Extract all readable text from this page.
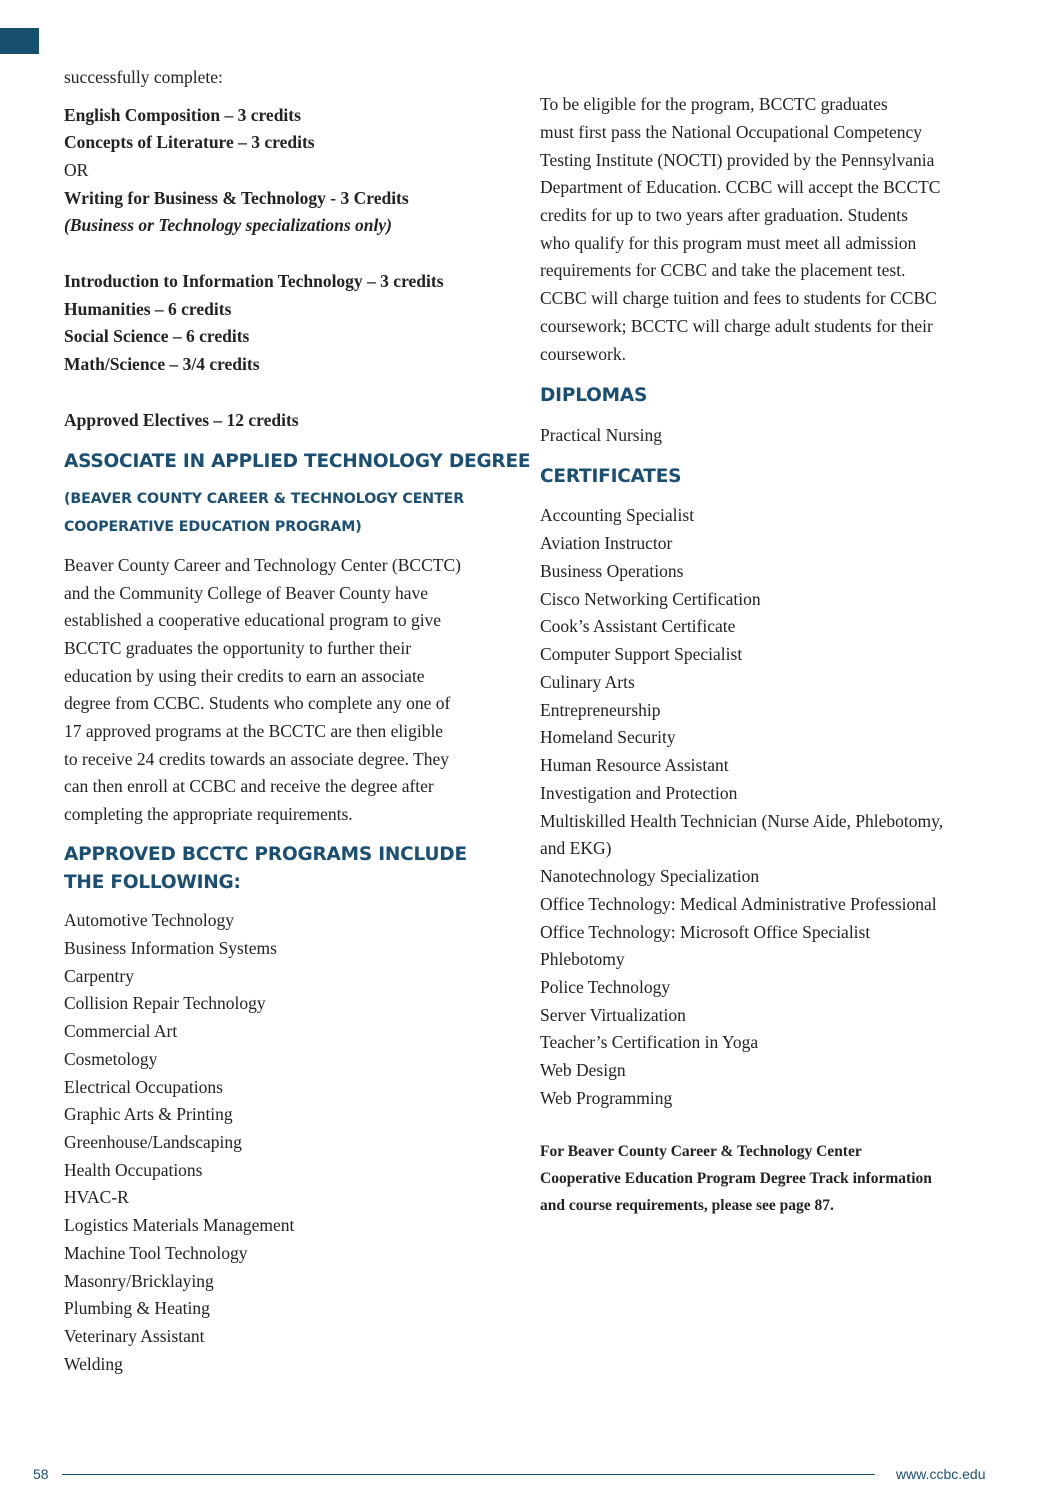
successfully complete:
English Composition – 3 credits
Concepts of Literature – 3 credits
OR
Writing for Business & Technology - 3 Credits
(Business or Technology specializations only)
Introduction to Information Technology – 3 credits
Humanities – 6 credits
Social Science – 6 credits
Math/Science – 3/4 credits
Approved Electives – 12 credits
ASSOCIATE IN APPLIED TECHNOLOGY DEGREE
(BEAVER COUNTY CAREER & TECHNOLOGY CENTER
COOPERATIVE EDUCATION PROGRAM)
Beaver County Career and Technology Center (BCCTC)
and the Community College of Beaver County have
established a cooperative educational program to give
BCCTC graduates the opportunity to further their
education by using their credits to earn an associate
degree from CCBC. Students who complete any one of
17 approved programs at the BCCTC are then eligible
to receive 24 credits towards an associate degree. They
can then enroll at CCBC and receive the degree after
completing the appropriate requirements.
APPROVED BCCTC PROGRAMS INCLUDE
THE FOLLOWING:
Automotive Technology
Business Information Systems
Carpentry
Collision Repair Technology
Commercial Art
Cosmetology
Electrical Occupations
Graphic Arts & Printing
Greenhouse/Landscaping
Health Occupations
HVAC-R
Logistics Materials Management
Machine Tool Technology
Masonry/Bricklaying
Plumbing & Heating
Veterinary Assistant
Welding
To be eligible for the program, BCCTC graduates
must first pass the National Occupational Competency
Testing Institute (NOCTI) provided by the Pennsylvania
Department of Education. CCBC will accept the BCCTC
credits for up to two years after graduation. Students
who qualify for this program must meet all admission
requirements for CCBC and take the placement test.
CCBC will charge tuition and fees to students for CCBC
coursework; BCCTC will charge adult students for their
coursework.
DIPLOMAS
Practical Nursing
CERTIFICATES
Accounting Specialist
Aviation Instructor
Business Operations
Cisco Networking Certification
Cook’s Assistant Certificate
Computer Support Specialist
Culinary Arts
Entrepreneurship
Homeland Security
Human Resource Assistant
Investigation and Protection
Multiskilled Health Technician (Nurse Aide, Phlebotomy,
and EKG)
Nanotechnology Specialization
Office Technology: Medical Administrative Professional
Office Technology: Microsoft Office Specialist
Phlebotomy
Police Technology
Server Virtualization
Teacher’s Certification in Yoga
Web Design
Web Programming
For Beaver County Career & Technology Center
Cooperative Education Program Degree Track information
and course requirements, please see page 87.
58	www.ccbc.edu
